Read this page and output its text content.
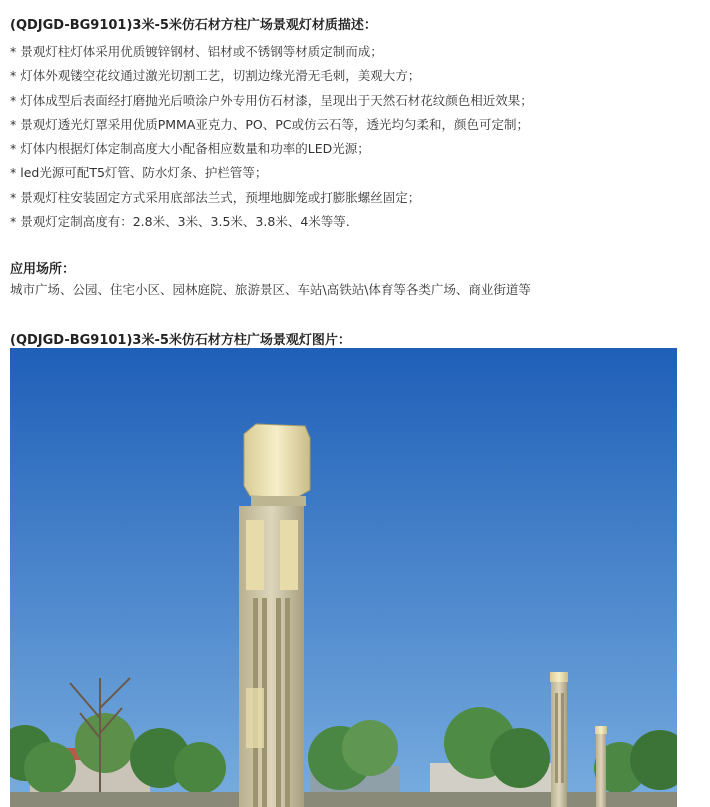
(QDJGD-BG9101)3米-5米仿石材方柱广场景观灯材质描述：
* 景观灯柱灯体采用优质镀锌钢材、铝材或不锈钢等材质定制而成；
* 灯体外观镂空花纹通过激光切割工艺，切割边缘光滑无毛刺，美观大方；
* 灯体成型后表面经打磨抛光后喷涂户外专用仿石材漆，呈现出于天然石材花纹颜色相近效果；
* 景观灯透光灯罩采用优质PMMA亚克力、PO、PC或仿云石等，透光均匀柔和，颜色可定制；
* 灯体内根据灯体定制高度大小配备相应数量和功率的LED光源；
* led光源可配T5灯管、防水灯条、护栏管等；
* 景观灯柱安装固定方式采用底部法兰式，预埋地脚笼或打膨胀螺丝固定；
* 景观灯定制高度有：2.8米、3米、3.5米、3.8米、4米等等.
应用场所：
城市广场、公园、住宅小区、园林庭院、旅游景区、车站\高铁站\体育等各类广场、商业街道等
(QDJGD-BG9101)3米-5米仿石材方柱广场景观灯图片：
